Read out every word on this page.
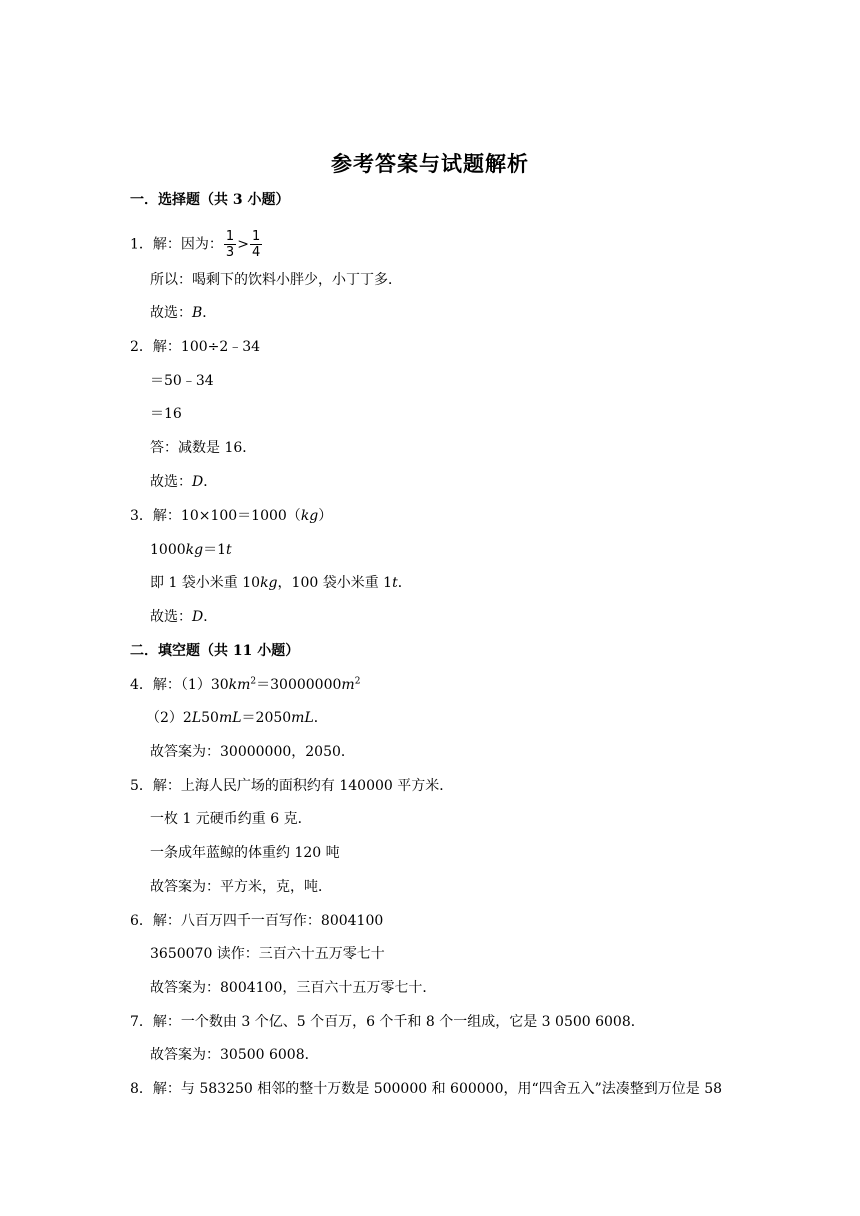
参考答案与试题解析
一．选择题（共 3 小题）
1．解：因为： $\frac{1}{3} > \frac{1}{4}$
所以：喝剩下的饮料小胖少，小丁丁多．
故选：B．
2．解：100÷2﹣34
＝50﹣34
＝16
答：减数是 16．
故选：D．
3．解：10×100＝1000（kg）
1000kg＝1t
即 1 袋小米重 10kg，100 袋小米重 1t．
故选：D．
二．填空题（共 11 小题）
4．解：$(1)30km^2=30000000m^2$
（2）2L50mL＝2050mL．
故答案为：30000000，2050．
5．解：上海人民广场的面积约有 140000 平方米．
一枚 1 元硬币约重 6 克．
一条成年蓝鲸的体重约 120 吨
故答案为：平方米，克，吨．
6．解：八百万四千一百写作：8004100
3650070 读作：三百六十五万零七十
故答案为：8004100，三百六十五万零七十．
7．解：一个数由 3 个亿、5 个百万，6 个千和 8 个一组成，它是 3 0500 6008．
故答案为：30500 6008．
8．解：与 583250 相邻的整十万数是 500000 和 600000，用“四舍五入”法凑整到万位是 58
